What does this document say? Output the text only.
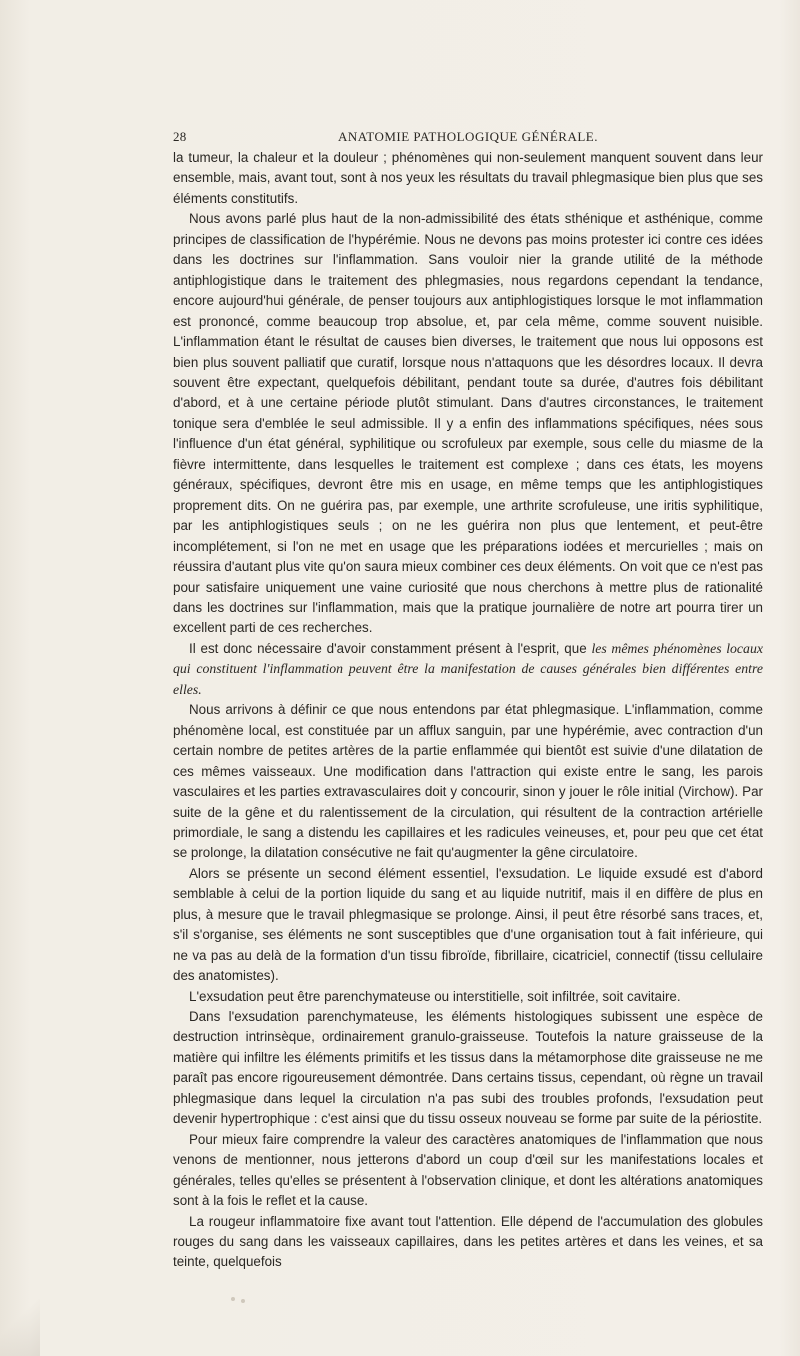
28	ANATOMIE PATHOLOGIQUE GÉNÉRALE.

la tumeur, la chaleur et la douleur ; phénomènes qui non-seulement manquent souvent dans leur ensemble, mais, avant tout, sont à nos yeux les résultats du travail phlegmasique bien plus que ses éléments constitutifs.

Nous avons parlé plus haut de la non-admissibilité des états sthénique et asthénique, comme principes de classification de l'hypérémie. Nous ne devons pas moins protester ici contre ces idées dans les doctrines sur l'inflammation. Sans vouloir nier la grande utilité de la méthode antiphlogistique dans le traitement des phlegmasies, nous regardons cependant la tendance, encore aujourd'hui générale, de penser toujours aux antiphlogistiques lorsque le mot inflammation est prononcé, comme beaucoup trop absolue, et, par cela même, comme souvent nuisible. L'inflammation étant le résultat de causes bien diverses, le traitement que nous lui opposons est bien plus souvent palliatif que curatif, lorsque nous n'attaquons que les désordres locaux. Il devra souvent être expectant, quelquefois débilitant, pendant toute sa durée, d'autres fois débilitant d'abord, et à une certaine période plutôt stimulant. Dans d'autres circonstances, le traitement tonique sera d'emblée le seul admissible. Il y a enfin des inflammations spécifiques, nées sous l'influence d'un état général, syphilitique ou scrofuleux par exemple, sous celle du miasme de la fièvre intermittente, dans lesquelles le traitement est complexe ; dans ces états, les moyens généraux, spécifiques, devront être mis en usage, en même temps que les antiphlogistiques proprement dits. On ne guérira pas, par exemple, une arthrite scrofuleuse, une iritis syphilitique, par les antiphlogistiques seuls ; on ne les guérira non plus que lentement, et peut-être incomplétement, si l'on ne met en usage que les préparations iodées et mercurielles ; mais on réussira d'autant plus vite qu'on saura mieux combiner ces deux éléments. On voit que ce n'est pas pour satisfaire uniquement une vaine curiosité que nous cherchons à mettre plus de rationalité dans les doctrines sur l'inflammation, mais que la pratique journalière de notre art pourra tirer un excellent parti de ces recherches.

Il est donc nécessaire d'avoir constamment présent à l'esprit, que les mêmes phénomènes locaux qui constituent l'inflammation peuvent être la manifestation de causes générales bien différentes entre elles.

Nous arrivons à définir ce que nous entendons par état phlegmasique. L'inflammation, comme phénomène local, est constituée par un afflux sanguin, par une hypérémie, avec contraction d'un certain nombre de petites artères de la partie enflammée qui bientôt est suivie d'une dilatation de ces mêmes vaisseaux. Une modification dans l'attraction qui existe entre le sang, les parois vasculaires et les parties extravasculaires doit y concourir, sinon y jouer le rôle initial (Virchow). Par suite de la gêne et du ralentissement de la circulation, qui résultent de la contraction artérielle primordiale, le sang a distendu les capillaires et les radicules veineuses, et, pour peu que cet état se prolonge, la dilatation consécutive ne fait qu'augmenter la gêne circulatoire.

Alors se présente un second élément essentiel, l'exsudation. Le liquide exsudé est d'abord semblable à celui de la portion liquide du sang et au liquide nutritif, mais il en diffère de plus en plus, à mesure que le travail phlegmasique se prolonge. Ainsi, il peut être résorbé sans traces, et, s'il s'organise, ses éléments ne sont susceptibles que d'une organisation tout à fait inférieure, qui ne va pas au delà de la formation d'un tissu fibroïde, fibrillaire, cicatriciel, connectif (tissu cellulaire des anatomistes).

L'exsudation peut être parenchymateuse ou interstitielle, soit infiltrée, soit cavitaire.

Dans l'exsudation parenchymateuse, les éléments histologiques subissent une espèce de destruction intrinsèque, ordinairement granulo-graisseuse. Toutefois la nature graisseuse de la matière qui infiltre les éléments primitifs et les tissus dans la métamorphose dite graisseuse ne me paraît pas encore rigoureusement démontrée. Dans certains tissus, cependant, où règne un travail phlegmasique dans lequel la circulation n'a pas subi des troubles profonds, l'exsudation peut devenir hypertrophique : c'est ainsi que du tissu osseux nouveau se forme par suite de la périostite.

Pour mieux faire comprendre la valeur des caractères anatomiques de l'inflammation que nous venons de mentionner, nous jetterons d'abord un coup d'œil sur les manifestations locales et générales, telles qu'elles se présentent à l'observation clinique, et dont les altérations anatomiques sont à la fois le reflet et la cause.

La rougeur inflammatoire fixe avant tout l'attention. Elle dépend de l'accumulation des globules rouges du sang dans les vaisseaux capillaires, dans les petites artères et dans les veines, et sa teinte, quelquefois
